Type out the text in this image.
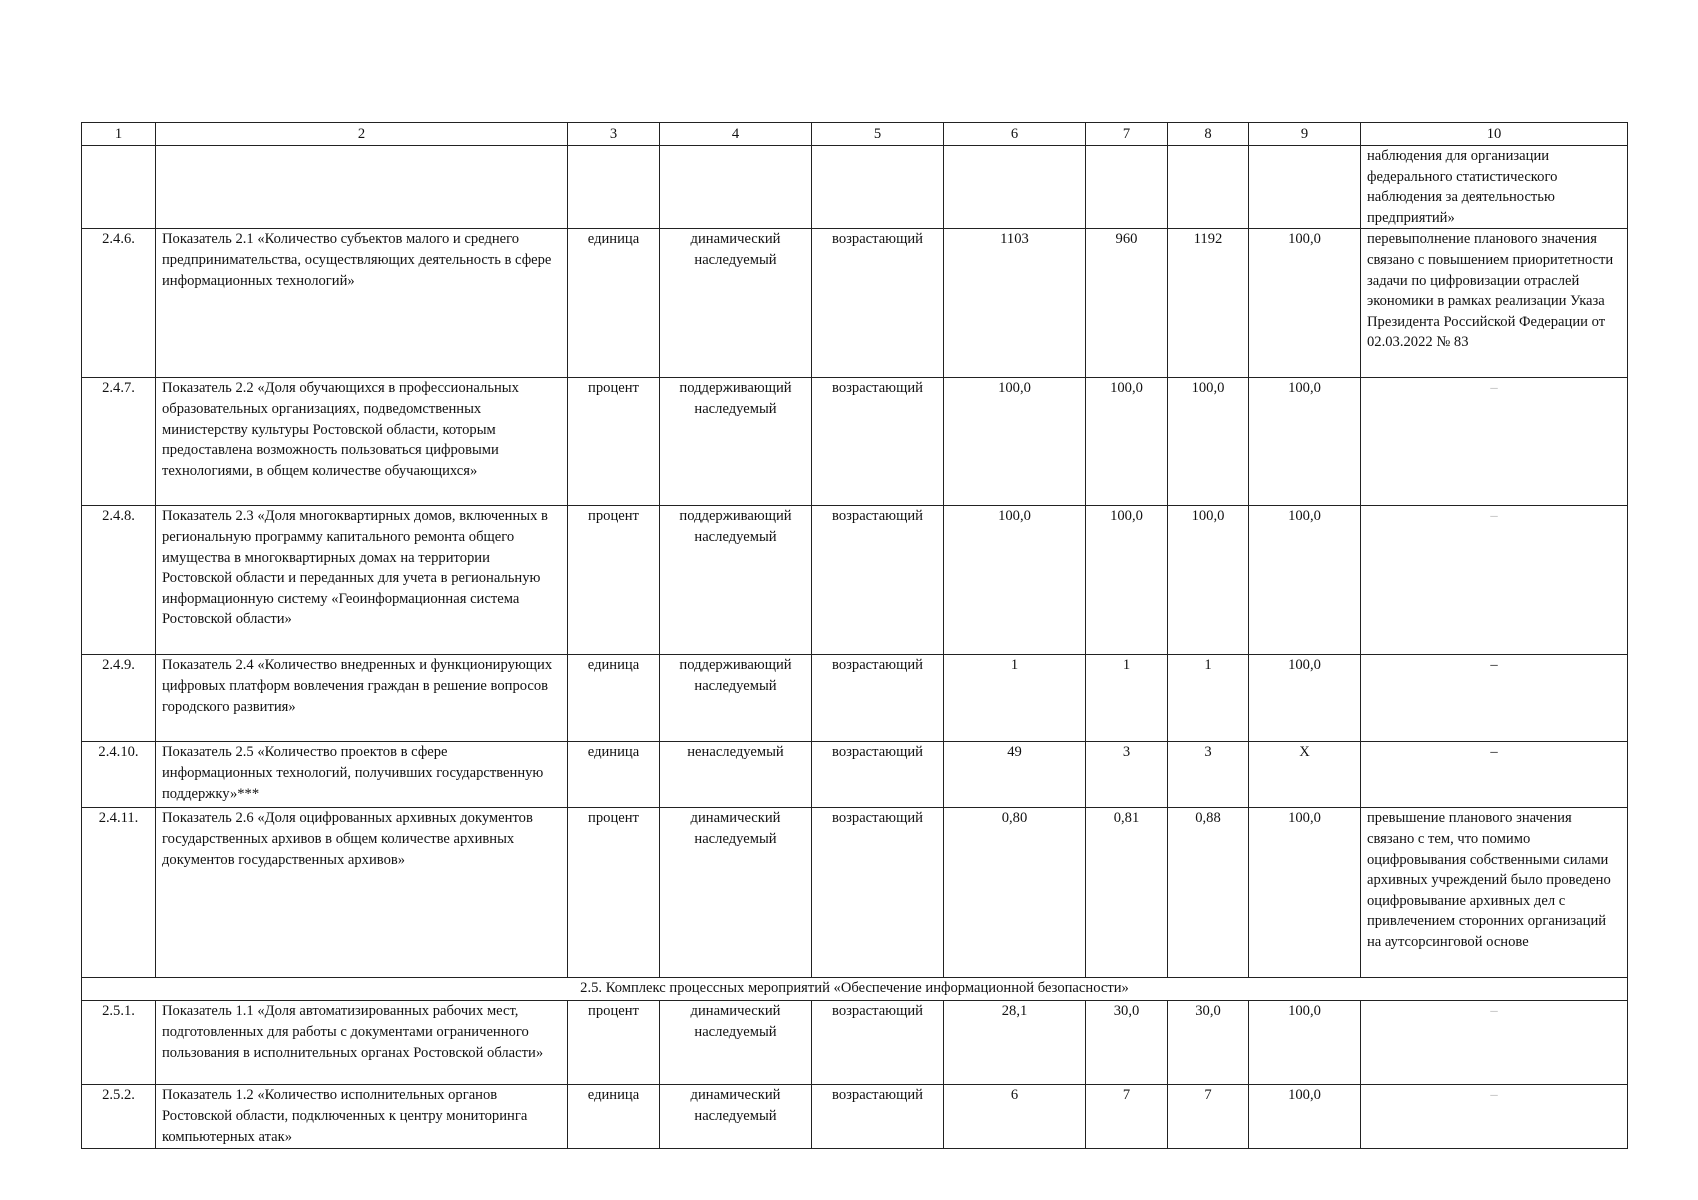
1	2	3	4	5	6	7	8	9	10
									наблюдения для организации федерального статистического наблюдения за деятельностью предприятий»
2.4.6.	Показатель 2.1 «Количество субъектов малого и среднего предпринимательства, осуществляющих деятельность в сфере информационных технологий»	единица	динамический наследуемый	возрастающий	1103	960	1192	100,0	перевыполнение планового значения связано с повышением приоритетности задачи по цифровизации отраслей экономики в рамках реализации Указа Президента Российской Федерации от 02.03.2022 № 83
2.4.7.	Показатель 2.2 «Доля обучающихся в профессиональных образовательных организациях, подведомственных министерству культуры Ростовской области, которым предоставлена возможность пользоваться цифровыми технологиями, в общем количестве обучающихся»	процент	поддерживающий наследуемый	возрастающий	100,0	100,0	100,0	100,0	–
2.4.8.	Показатель 2.3 «Доля многоквартирных домов, включенных в региональную программу капитального ремонта общего имущества в многоквартирных домах на территории Ростовской области и переданных для учета в региональную информационную систему «Геоинформационная система Ростовской области»	процент	поддерживающий наследуемый	возрастающий	100,0	100,0	100,0	100,0	–
2.4.9.	Показатель 2.4 «Количество внедренных и функционирующих цифровых платформ вовлечения граждан в решение вопросов городского развития»	единица	поддерживающий наследуемый	возрастающий	1	1	1	100,0	–
2.4.10.	Показатель 2.5 «Количество проектов в сфере информационных технологий, получивших государственную поддержку»***	единица	ненаследуемый	возрастающий	49	3	3	Х	–
2.4.11.	Показатель 2.6 «Доля оцифрованных архивных документов государственных архивов в общем количестве архивных документов государственных архивов»	процент	динамический наследуемый	возрастающий	0,80	0,81	0,88	100,0	превышение планового значения связано с тем, что помимо оцифровывания собственными силами архивных учреждений было проведено оцифровывание архивных дел с привлечением сторонних организаций на аутсорсинговой основе
2.5. Комплекс процессных мероприятий «Обеспечение информационной безопасности»									
2.5.1.	Показатель 1.1 «Доля автоматизированных рабочих мест, подготовленных для работы с документами ограниченного пользования в исполнительных органах Ростовской области»	процент	динамический наследуемый	возрастающий	28,1	30,0	30,0	100,0	–
2.5.2.	Показатель 1.2 «Количество исполнительных органов Ростовской области, подключенных к центру мониторинга компьютерных атак»	единица	динамический наследуемый	возрастающий	6	7	7	100,0	–
